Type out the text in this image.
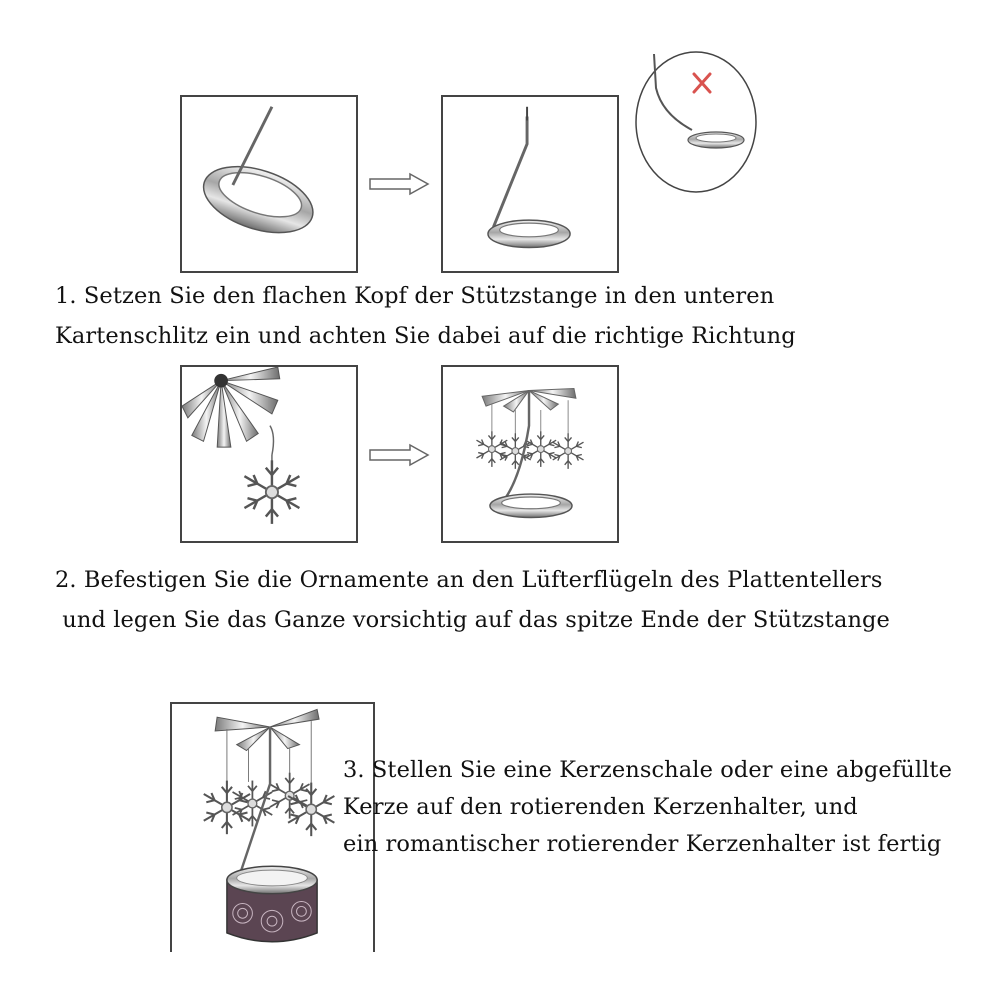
1. Setzen Sie den flachen Kopf der Stützstange in den unteren
Kartenschlitz ein und achten Sie dabei auf die richtige Richtung
2. Befestigen Sie die Ornamente an den Lüfterflügeln des Plattentellers
und legen Sie das Ganze vorsichtig auf das spitze Ende der Stützstange
3. Stellen Sie eine Kerzenschale oder eine abgefüllte
Kerze auf den rotierenden Kerzenhalter, und
ein romantischer rotierender Kerzenhalter ist fertig
